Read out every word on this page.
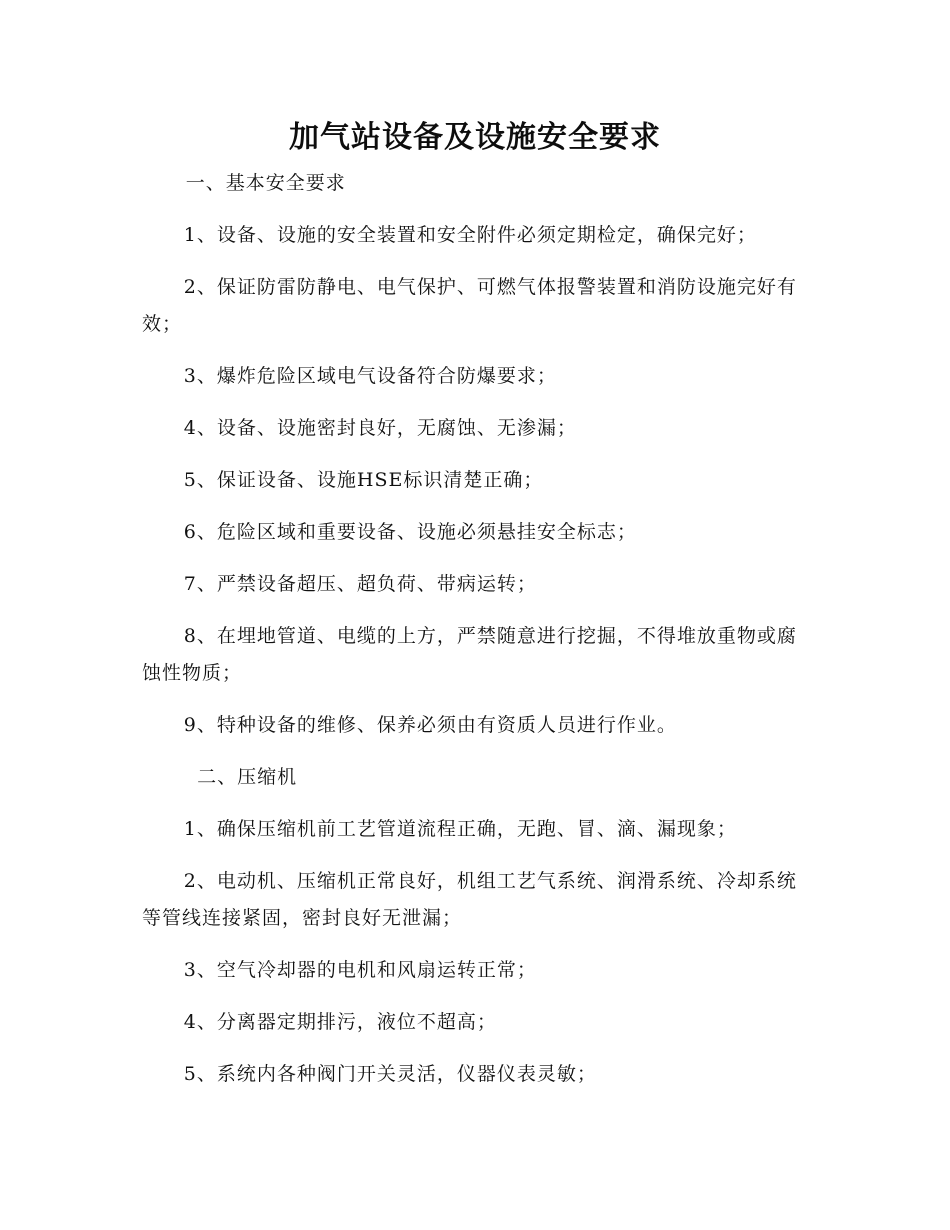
加气站设备及设施安全要求

一、基本安全要求

1、设备、设施的安全装置和安全附件必须定期检定，确保完好；

2、保证防雷防静电、电气保护、可燃气体报警装置和消防设施完好有效；

3、爆炸危险区域电气设备符合防爆要求；

4、设备、设施密封良好，无腐蚀、无渗漏；

5、保证设备、设施HSE标识清楚正确；

6、危险区域和重要设备、设施必须悬挂安全标志；

7、严禁设备超压、超负荷、带病运转；

8、在埋地管道、电缆的上方，严禁随意进行挖掘，不得堆放重物或腐蚀性物质；

9、特种设备的维修、保养必须由有资质人员进行作业。

二、压缩机

1、确保压缩机前工艺管道流程正确，无跑、冒、滴、漏现象；

2、电动机、压缩机正常良好，机组工艺气系统、润滑系统、冷却系统等管线连接紧固，密封良好无泄漏；

3、空气冷却器的电机和风扇运转正常；

4、分离器定期排污，液位不超高；

5、系统内各种阀门开关灵活，仪器仪表灵敏；
